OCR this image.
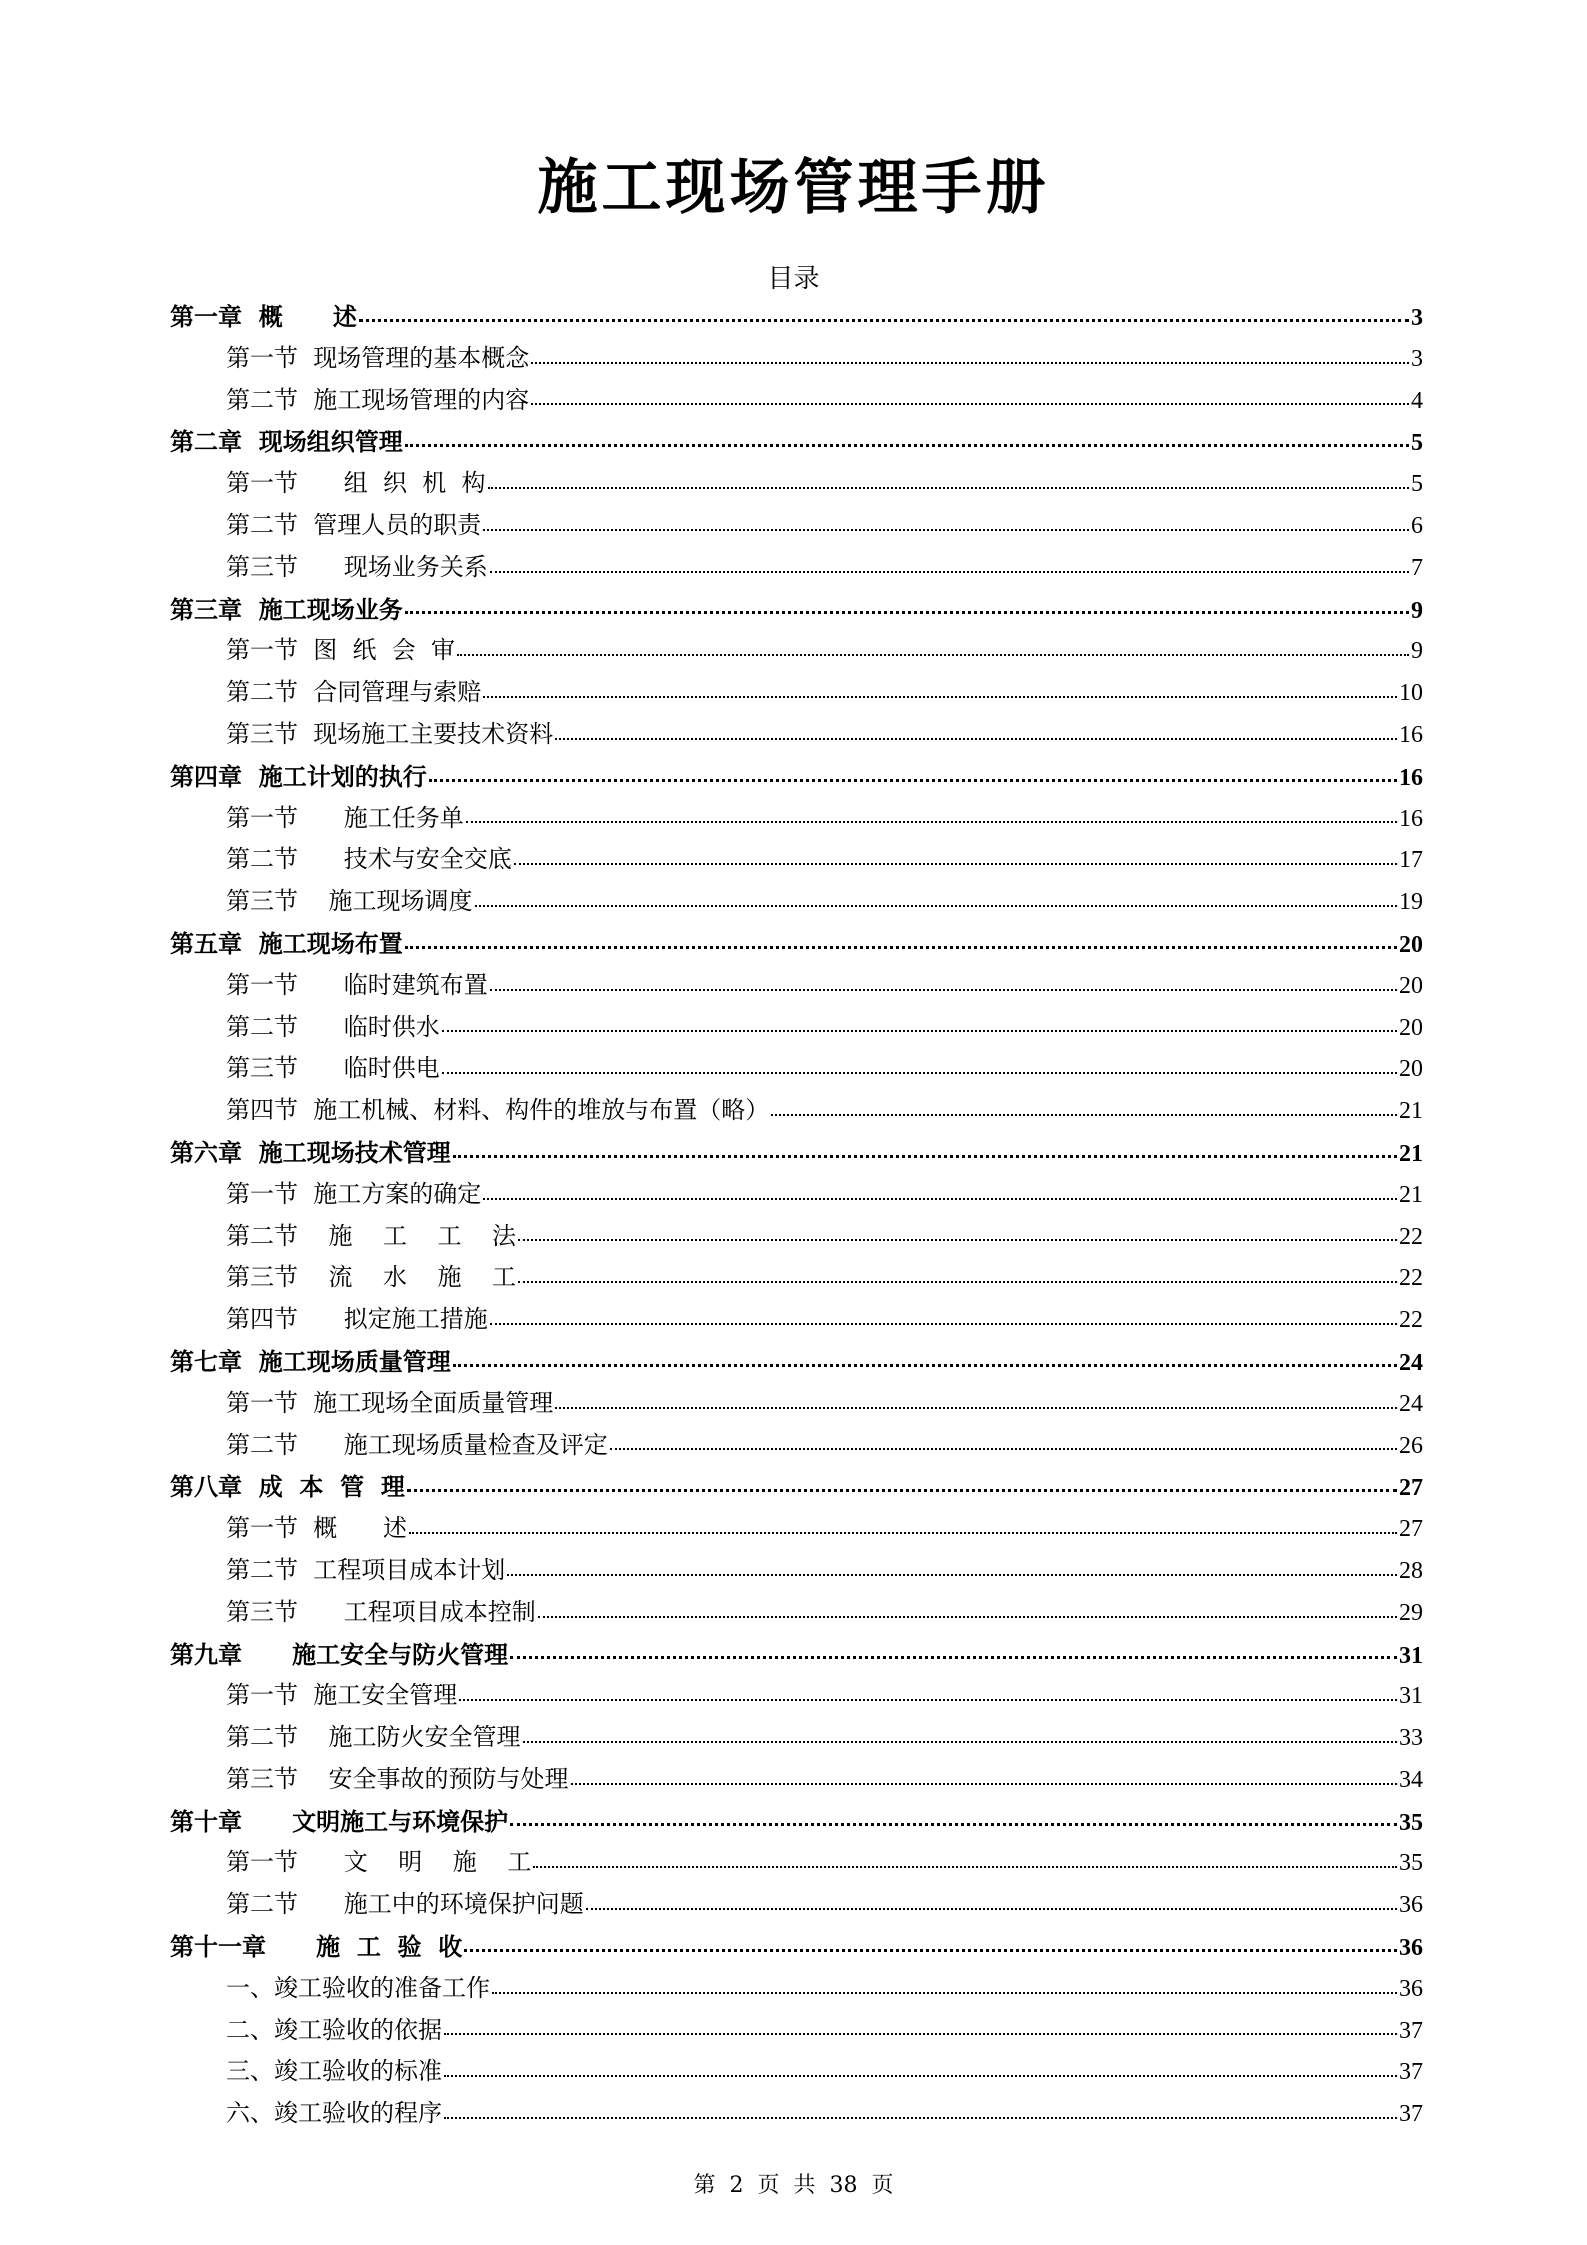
施工现场管理手册
目录
第一章  概      述	3
第一节  现场管理的基本概念	3
第二节  施工现场管理的内容	4
第二章  现场组织管理	5
第一节      组  织  机  构	5
第二节  管理人员的职责	6
第三节      现场业务关系	7
第三章  施工现场业务	9
第一节  图  纸  会  审	9
第二节  合同管理与索赔	10
第三节  现场施工主要技术资料	16
第四章  施工计划的执行	16
第一节      施工任务单	16
第二节      技术与安全交底	17
第三节    施工现场调度	19
第五章  施工现场布置	20
第一节      临时建筑布置	20
第二节      临时供水	20
第三节      临时供电	20
第四节  施工机械、材料、构件的堆放与布置（略）	21
第六章  施工现场技术管理	21
第一节  施工方案的确定	21
第二节    施    工    工    法	22
第三节    流    水    施    工	22
第四节      拟定施工措施	22
第七章  施工现场质量管理	24
第一节  施工现场全面质量管理	24
第二节      施工现场质量检查及评定	26
第八章  成  本  管  理	27
第一节  概      述	27
第二节  工程项目成本计划	28
第三节      工程项目成本控制	29
第九章      施工安全与防火管理	31
第一节  施工安全管理	31
第二节    施工防火安全管理	33
第三节    安全事故的预防与处理	34
第十章      文明施工与环境保护	35
第一节      文    明    施    工	35
第二节      施工中的环境保护问题	36
第十一章      施  工  验  收	36
一、竣工验收的准备工作	36
二、竣工验收的依据	37
三、竣工验收的标准	37
六、竣工验收的程序	37
第  2  页  共  38  页
